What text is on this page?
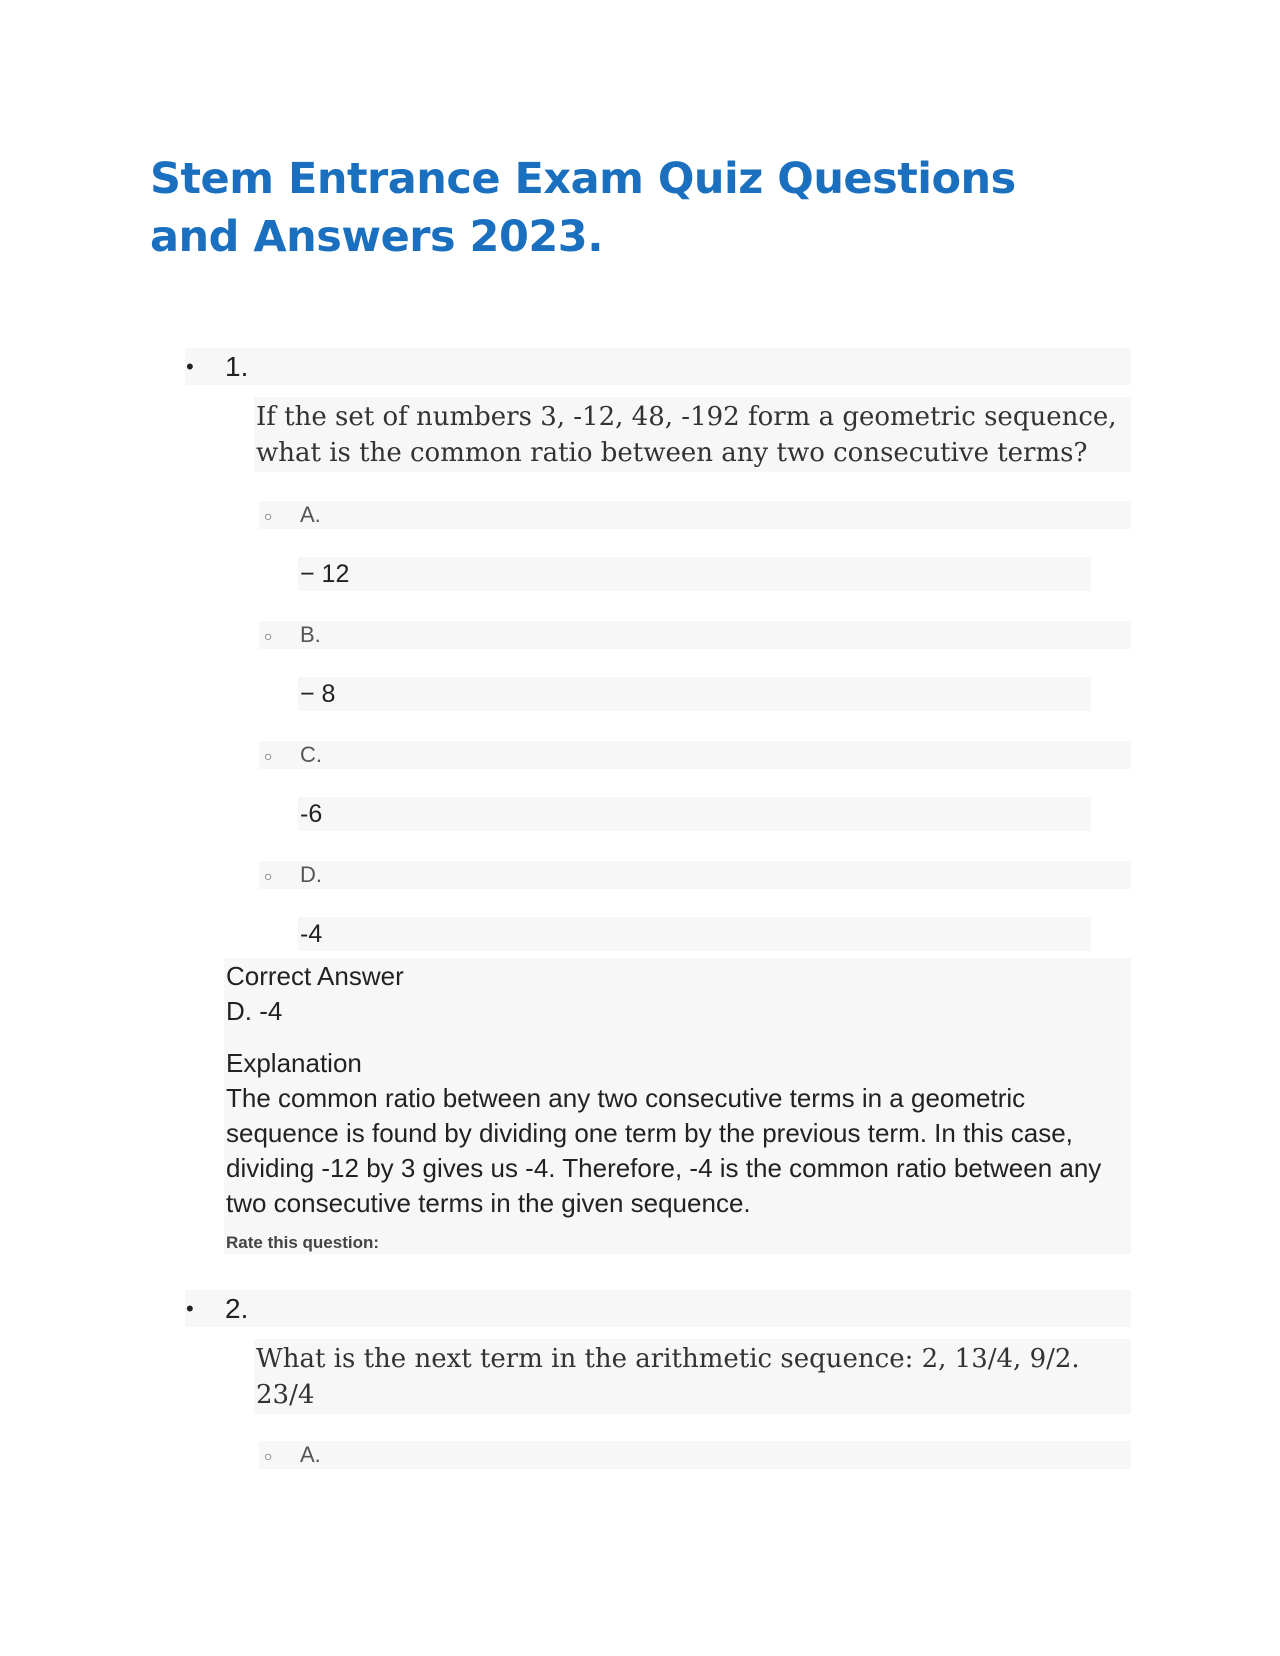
Stem Entrance Exam Quiz Questions and Answers 2023.
• 1.
If the set of numbers 3, -12, 48, -192 form a geometric sequence, what is the common ratio between any two consecutive terms?
○ A.
− 12
○ B.
− 8
○ C.
-6
○ D.
-4
Correct Answer
D. -4
Explanation
The common ratio between any two consecutive terms in a geometric sequence is found by dividing one term by the previous term. In this case, dividing -12 by 3 gives us -4. Therefore, -4 is the common ratio between any two consecutive terms in the given sequence.
Rate this question:
• 2.
What is the next term in the arithmetic sequence: 2, 13/4, 9/2. 23/4
○ A.
